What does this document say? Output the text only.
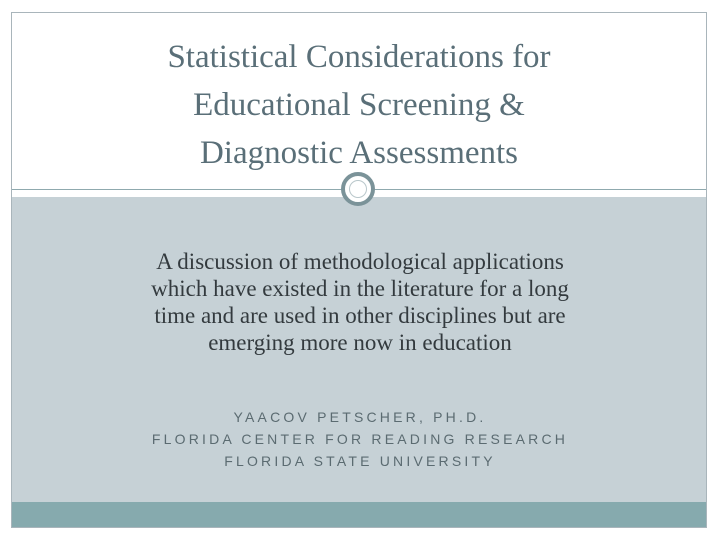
Statistical Considerations for
Educational Screening &
Diagnostic Assessments
A discussion of methodological applications
which have existed in the literature for a long
time and are used in other disciplines but are
emerging more now in education
YAACOV PETSCHER, PH.D.
FLORIDA CENTER FOR READING RESEARCH
FLORIDA STATE UNIVERSITY
